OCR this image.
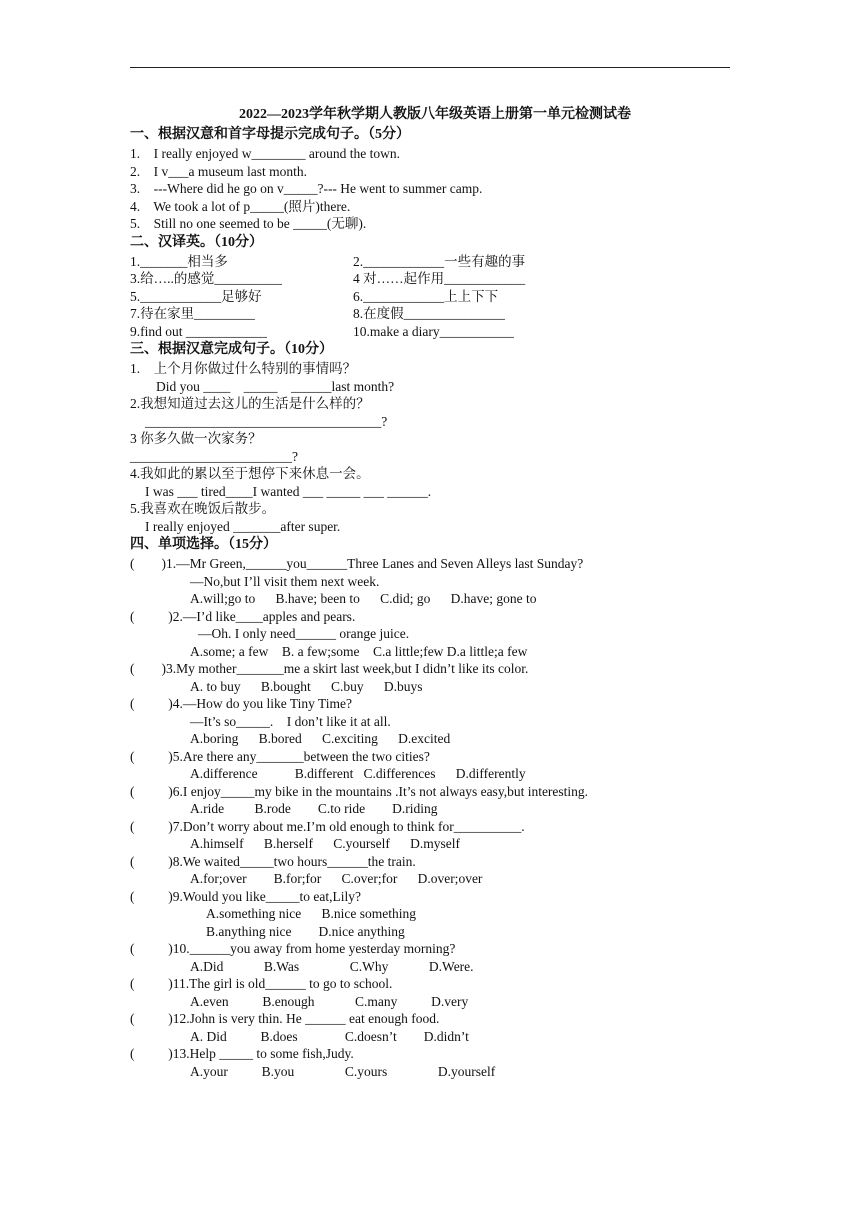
2022—2023学年秋学期人教版八年级英语上册第一单元检测试卷
一、根据汉意和首字母提示完成句子。（5分）
1.    I really enjoyed w________ around the town.
2.    I v___a museum last month.
3.    ---Where did he go on v_____?--- He went to summer camp.
4.    We took a lot of p_____(照片)there.
5.    Still no one seemed to be _____(无聊).
二、汉译英。（10分）
1._______相当多	2.____________一些有趣的事
3.给…..的感觉__________	4 对……起作用____________
5.____________足够好	6.____________上上下下
7.待在家里_________	8.在度假_______________
9.find out ____________	10.make a diary___________
三、根据汉意完成句子。（10分）
1.    上个月你做过什么特别的事情吗？
Did you ____    _____    ______last month?
2.我想知道过去这儿的生活是什么样的？
___________________________________?
3 你多久做一次家务？
________________________?
4.我如此的累以至于想停下来休息一会。
I was ___ tired____I wanted ___ _____ ___ ______.
5.我喜欢在晚饭后散步。
I really enjoyed _______after super.
四、单项选择。（15分）
(        )1.—Mr Green,______you______Three Lanes and Seven Alleys last Sunday?
—No,but I’ll visit them next week.
A.will;go to      B.have; been to      C.did; go      D.have; gone to
(          )2.—I’d like____apples and pears.
—Oh. I only need______ orange juice.
A.some; a few    B. a few;some    C.a little;few D.a little;a few
(        )3.My mother_______me a skirt last week,but I didn’t like its color.
A. to buy      B.bought      C.buy      D.buys
(          )4.—How do you like Tiny Time?
—It’s so_____.    I don’t like it at all.
A.boring      B.bored      C.exciting      D.excited
(          )5.Are there any_______between the two cities?
A.difference           B.different   C.differences      D.differently
(          )6.I enjoy_____my bike in the mountains .It’s not always easy,but interesting.
A.ride         B.rode        C.to ride        D.riding
(          )7.Don’t worry about me.I’m old enough to think for__________.
A.himself      B.herself      C.yourself      D.myself
(          )8.We waited_____two hours______the train.
A.for;over        B.for;for      C.over;for      D.over;over
(          )9.Would you like_____to eat,Lily?
A.something nice      B.nice something
B.anything nice        D.nice anything
(          )10.______you away from home yesterday morning?
A.Did            B.Was               C.Why            D.Were.
(          )11.The girl is old______ to go to school.
A.even          B.enough            C.many          D.very
(          )12.John is very thin. He ______ eat enough food.
A. Did          B.does              C.doesn’t        D.didn’t
(          )13.Help _____ to some fish,Judy.
A.your          B.you               C.yours               D.yourself
